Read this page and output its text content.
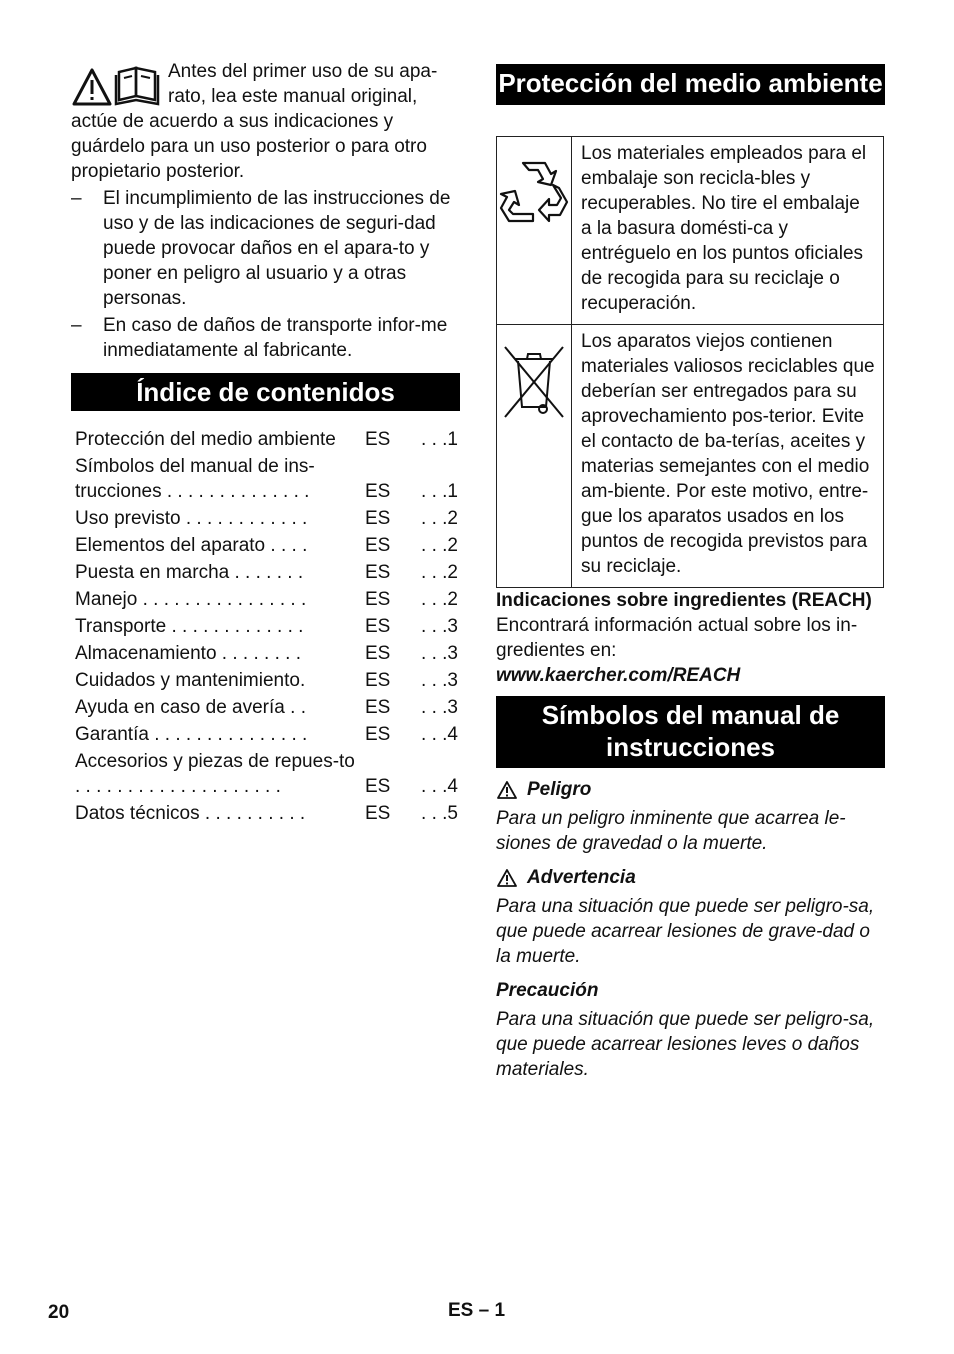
Antes del primer uso de su apa-

rato, lea este manual original,

actúe de acuerdo a sus indicaciones y guárdelo para un uso posterior o para otro propietario posterior.

– El incumplimiento de las instrucciones de uso y de las indicaciones de seguri-dad puede provocar daños en el apara-to y poner en peligro al usuario y a otras personas.
– En caso de daños de transporte infor-me inmediatamente al fabricante.
Índice de contenidos
Protección del medio ambiente	ES	. . .1
Símbolos del manual de ins-trucciones . . . . . . . . . . . . . .	ES	. . .1
Uso previsto . . . . . . . . . . . .	ES	. . .2
Elementos del aparato . . . .	ES	. . .2
Puesta en marcha . . . . . . .	ES	. . .2
Manejo . . . . . . . . . . . . . . . .	ES	. . .2
Transporte . . . . . . . . . . . . .	ES	. . .3
Almacenamiento . . . . . . . .	ES	. . .3
Cuidados y mantenimiento.	ES	. . .3
Ayuda en caso de avería . .	ES	. . .3
Garantía . . . . . . . . . . . . . . .	ES	. . .4
Accesorios y piezas de repues-to . . . . . . . . . . . . . . . . . . . .	ES	. . .4
Datos técnicos . . . . . . . . . .	ES	. . .5
Protección del medio ambiente
	Los materiales empleados para el embalaje son recicla-bles y recuperables. No tire el embalaje a la basura domésti-ca y entréguelo en los puntos oficiales de recogida para su reciclaje o recuperación.

	Los aparatos viejos contienen materiales valiosos reciclables que deberían ser entregados para su aprovechamiento pos-terior. Evite el contacto de ba-terías, aceites y materias semejantes con el medio am-biente. Por este motivo, entre-gue los aparatos usados en los puntos de recogida previstos para su reciclaje.
Indicaciones sobre ingredientes (REACH)
Encontrará información actual sobre los in-gredientes en:
www.kaercher.com/REACH
Símbolos del manual de instrucciones
Peligro
Para un peligro inminente que acarrea le-siones de gravedad o la muerte.
Advertencia
Para una situación que puede ser peligro-sa, que puede acarrear lesiones de grave-dad o la muerte.
Precaución
Para una situación que puede ser peligro-sa, que puede acarrear lesiones leves o daños materiales.
20	ES – 1
